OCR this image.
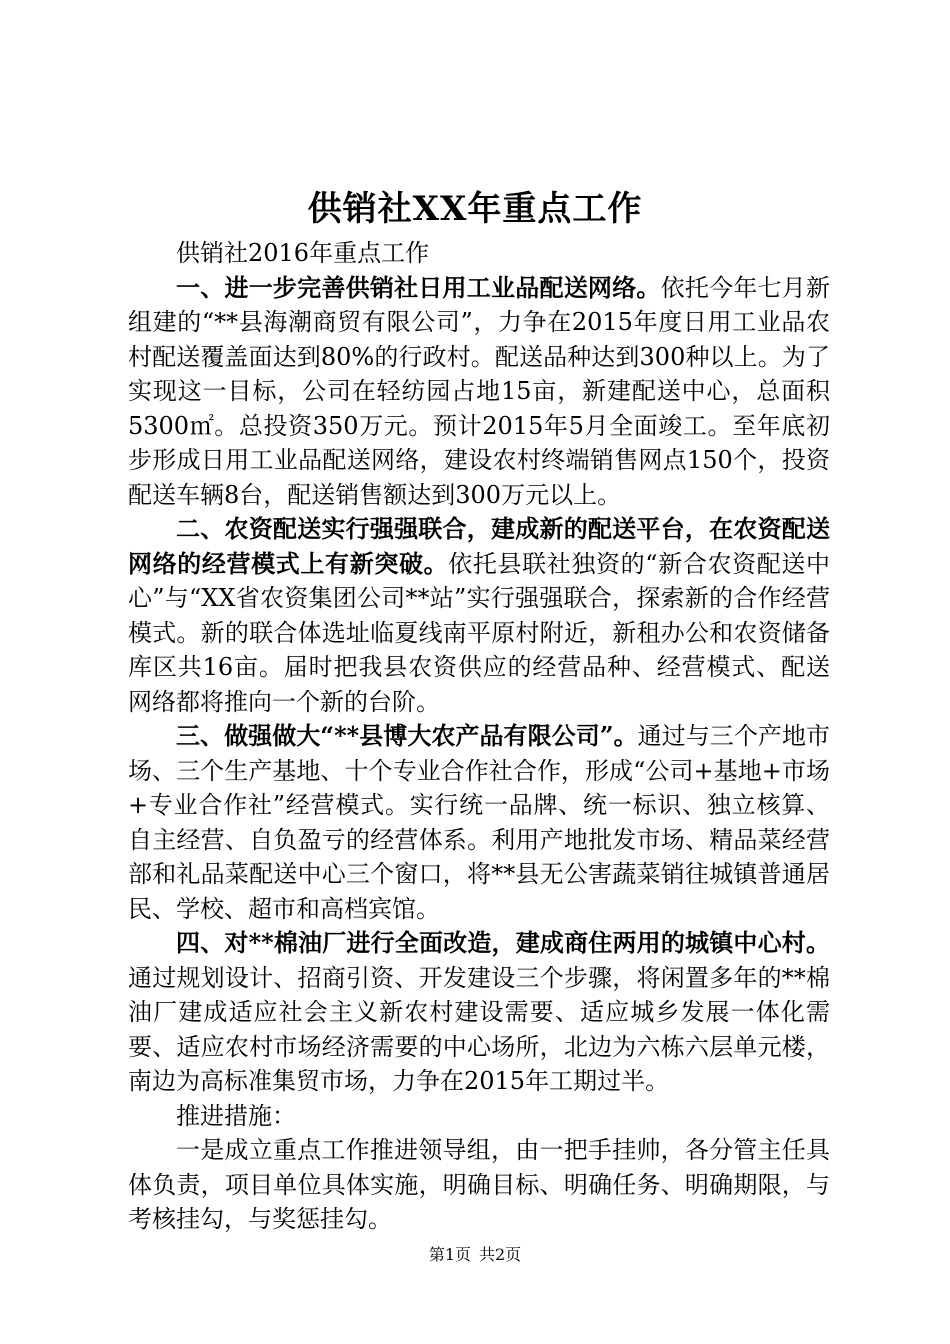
供销社XX年重点工作

供销社2016年重点工作

一、进一步完善供销社日用工业品配送网络。依托今年七月新组建的“**县海潮商贸有限公司”，力争在2015年度日用工业品农村配送覆盖面达到80%的行政村。配送品种达到300种以上。为了实现这一目标，公司在轻纺园占地15亩，新建配送中心，总面积5300㎡。总投资350万元。预计2015年5月全面竣工。至年底初步形成日用工业品配送网络，建设农村终端销售网点150个，投资配送车辆8台，配送销售额达到300万元以上。

二、农资配送实行强强联合，建成新的配送平台，在农资配送网络的经营模式上有新突破。依托县联社独资的“新合农资配送中心”与“XX省农资集团公司**站”实行强强联合，探索新的合作经营模式。新的联合体选址临夏线南平原村附近，新租办公和农资储备库区共16亩。届时把我县农资供应的经营品种、经营模式、配送网络都将推向一个新的台阶。

三、做强做大“**县博大农产品有限公司”。通过与三个产地市场、三个生产基地、十个专业合作社合作，形成“公司+基地+市场+专业合作社”经营模式。实行统一品牌、统一标识、独立核算、自主经营、自负盈亏的经营体系。利用产地批发市场、精品菜经营部和礼品菜配送中心三个窗口，将**县无公害蔬菜销往城镇普通居民、学校、超市和高档宾馆。

四、对**棉油厂进行全面改造，建成商住两用的城镇中心村。通过规划设计、招商引资、开发建设三个步骤，将闲置多年的**棉油厂建成适应社会主义新农村建设需要、适应城乡发展一体化需要、适应农村市场经济需要的中心场所，北边为六栋六层单元楼，南边为高标准集贸市场，力争在2015年工期过半。

推进措施：

一是成立重点工作推进领导组，由一把手挂帅，各分管主任具体负责，项目单位具体实施，明确目标、明确任务、明确期限，与考核挂勾，与奖惩挂勾。

第1页 共2页
